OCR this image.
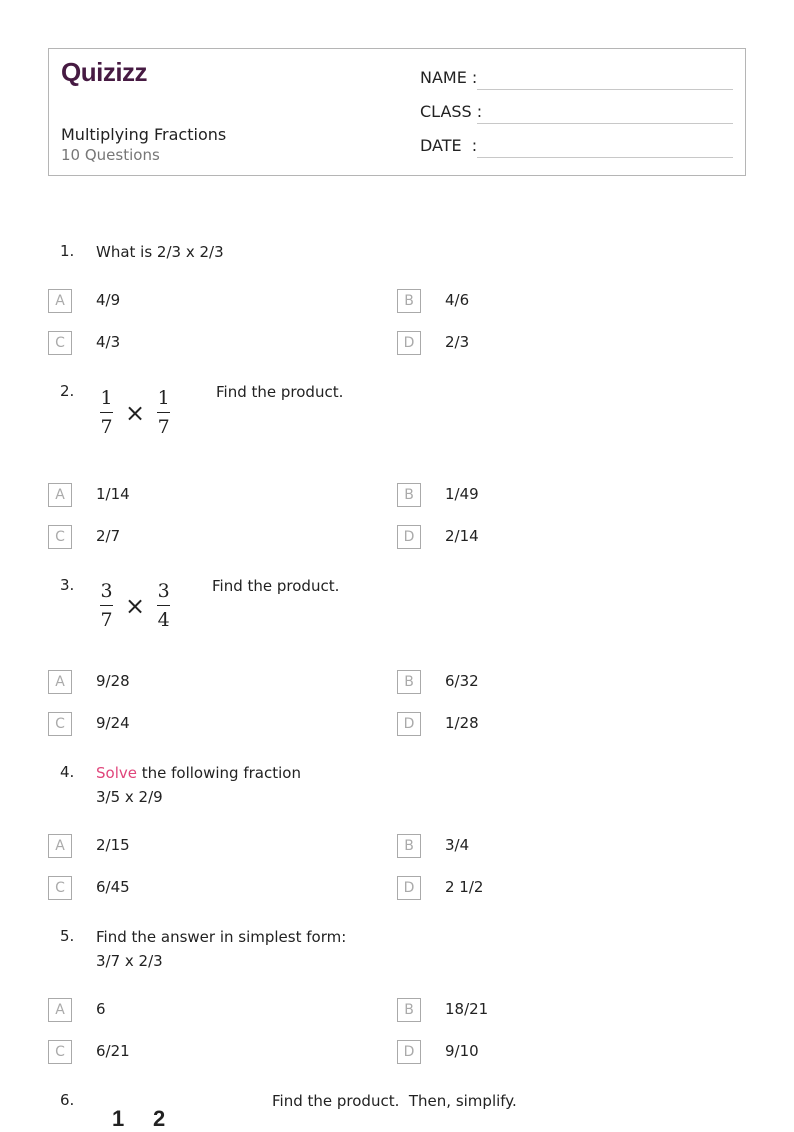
Quizizz
Multiplying Fractions
10 Questions
NAME :
CLASS :
DATE  :
1. What is 2/3 x 2/3
2. $\frac{1}{7} \times \frac{1}{7}$	Find the product.
3. $\frac{3}{7} \times \frac{3}{4}$	Find the product.
4. Solve the following fraction
3/5 x 2/9
5. Find the answer in simplest form:
3/7 x 2/3
6.	Find the product.  Then, simplify.
1 2
A	4/9	B	4/6
C	4/3	D	2/3
A	1/14	B	1/49
C	2/7	D	2/14
A	9/28	B	6/32
C	9/24	D	1/28
A	2/15	B	3/4
C	6/45	D	2 1/2
A	6	B	18/21
C	6/21	D	9/10
